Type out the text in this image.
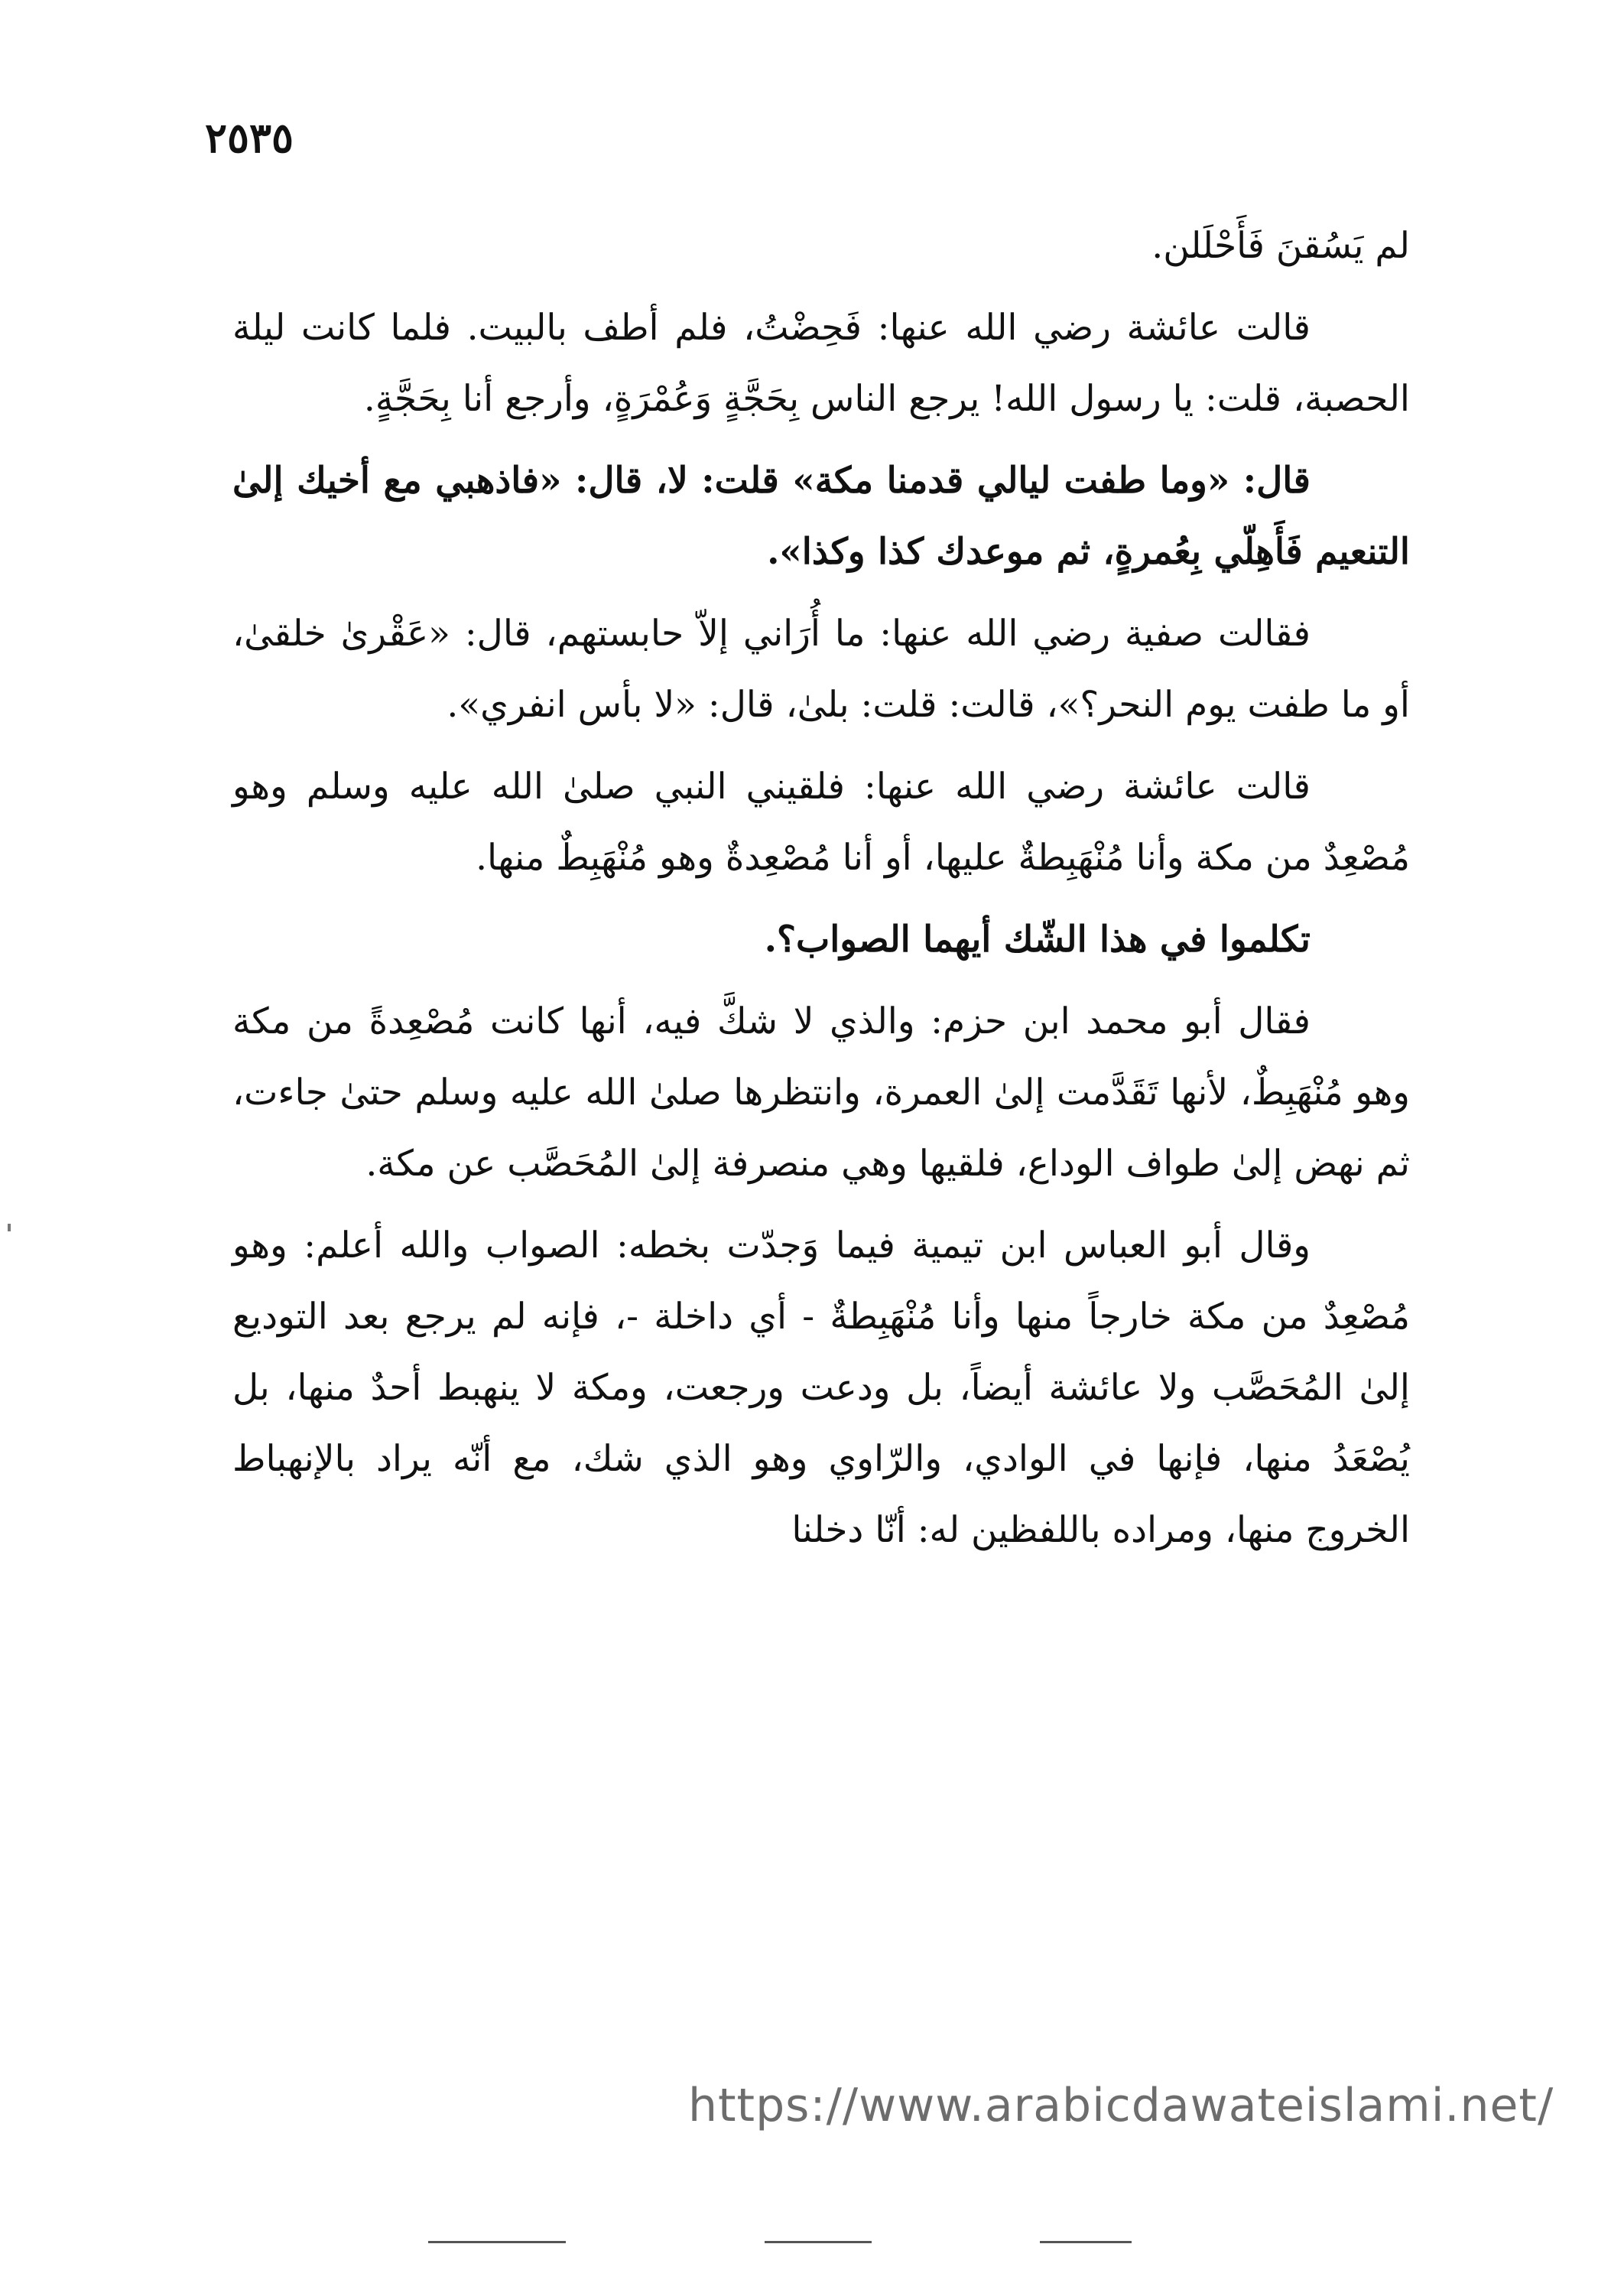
٢٥٣٥

لم يَسُقنَ فَأَحْلَلن.

قالت عائشة رضي الله عنها: فَحِضْتُ، فلم أطف بالبيت. فلما كانت ليلة الحصبة، قلت: يا رسول الله! يرجع الناس بِحَجَّةٍ وَعُمْرَةٍ، وأرجع أنا بِحَجَّةٍ.

قال: «وما طفت ليالي قدمنا مكة» قلت: لا، قال: «فاذهبي مع أخيك إلىٰ التنعيم فَأَهِلّي بِعُمرةٍ، ثم موعدك كذا وكذا».

فقالت صفية رضي الله عنها: ما أُرَاني إلاّ حابستهم، قال: «عَقْرىٰ خلقىٰ، أو ما طفت يوم النحر؟»، قالت: قلت: بلىٰ، قال: «لا بأس انفري».

قالت عائشة رضي الله عنها: فلقيني النبي صلىٰ الله عليه وسلم وهو مُصْعِدٌ من مكة وأنا مُنْهَبِطةٌ عليها، أو أنا مُصْعِدةٌ وهو مُنْهَبِطٌ منها.

تكلموا في هذا الشّك أيهما الصواب؟.

فقال أبو محمد ابن حزم: والذي لا شكَّ فيه، أنها كانت مُصْعِدةً من مكة وهو مُنْهَبِطٌ، لأنها تَقَدَّمت إلىٰ العمرة، وانتظرها صلىٰ الله عليه وسلم حتىٰ جاءت، ثم نهض إلىٰ طواف الوداع، فلقيها وهي منصرفة إلىٰ المُحَصَّب عن مكة.

وقال أبو العباس ابن تيمية فيما وَجدّت بخطه: الصواب والله أعلم: وهو مُصْعِدٌ من مكة خارجاً منها وأنا مُنْهَبِطةٌ - أي داخلة -، فإنه لم يرجع بعد التوديع إلىٰ المُحَصَّب ولا عائشة أيضاً، بل ودعت ورجعت، ومكة لا ينهبط أحدٌ منها، بل يُصْعَدُ منها، فإنها في الوادي، والرّاوي وهو الذي شك، مع أنّه يراد بالإنهباط الخروج منها، ومراده باللفظين له: أنّا دخلنا

https://www.arabicdawateislami.net/
